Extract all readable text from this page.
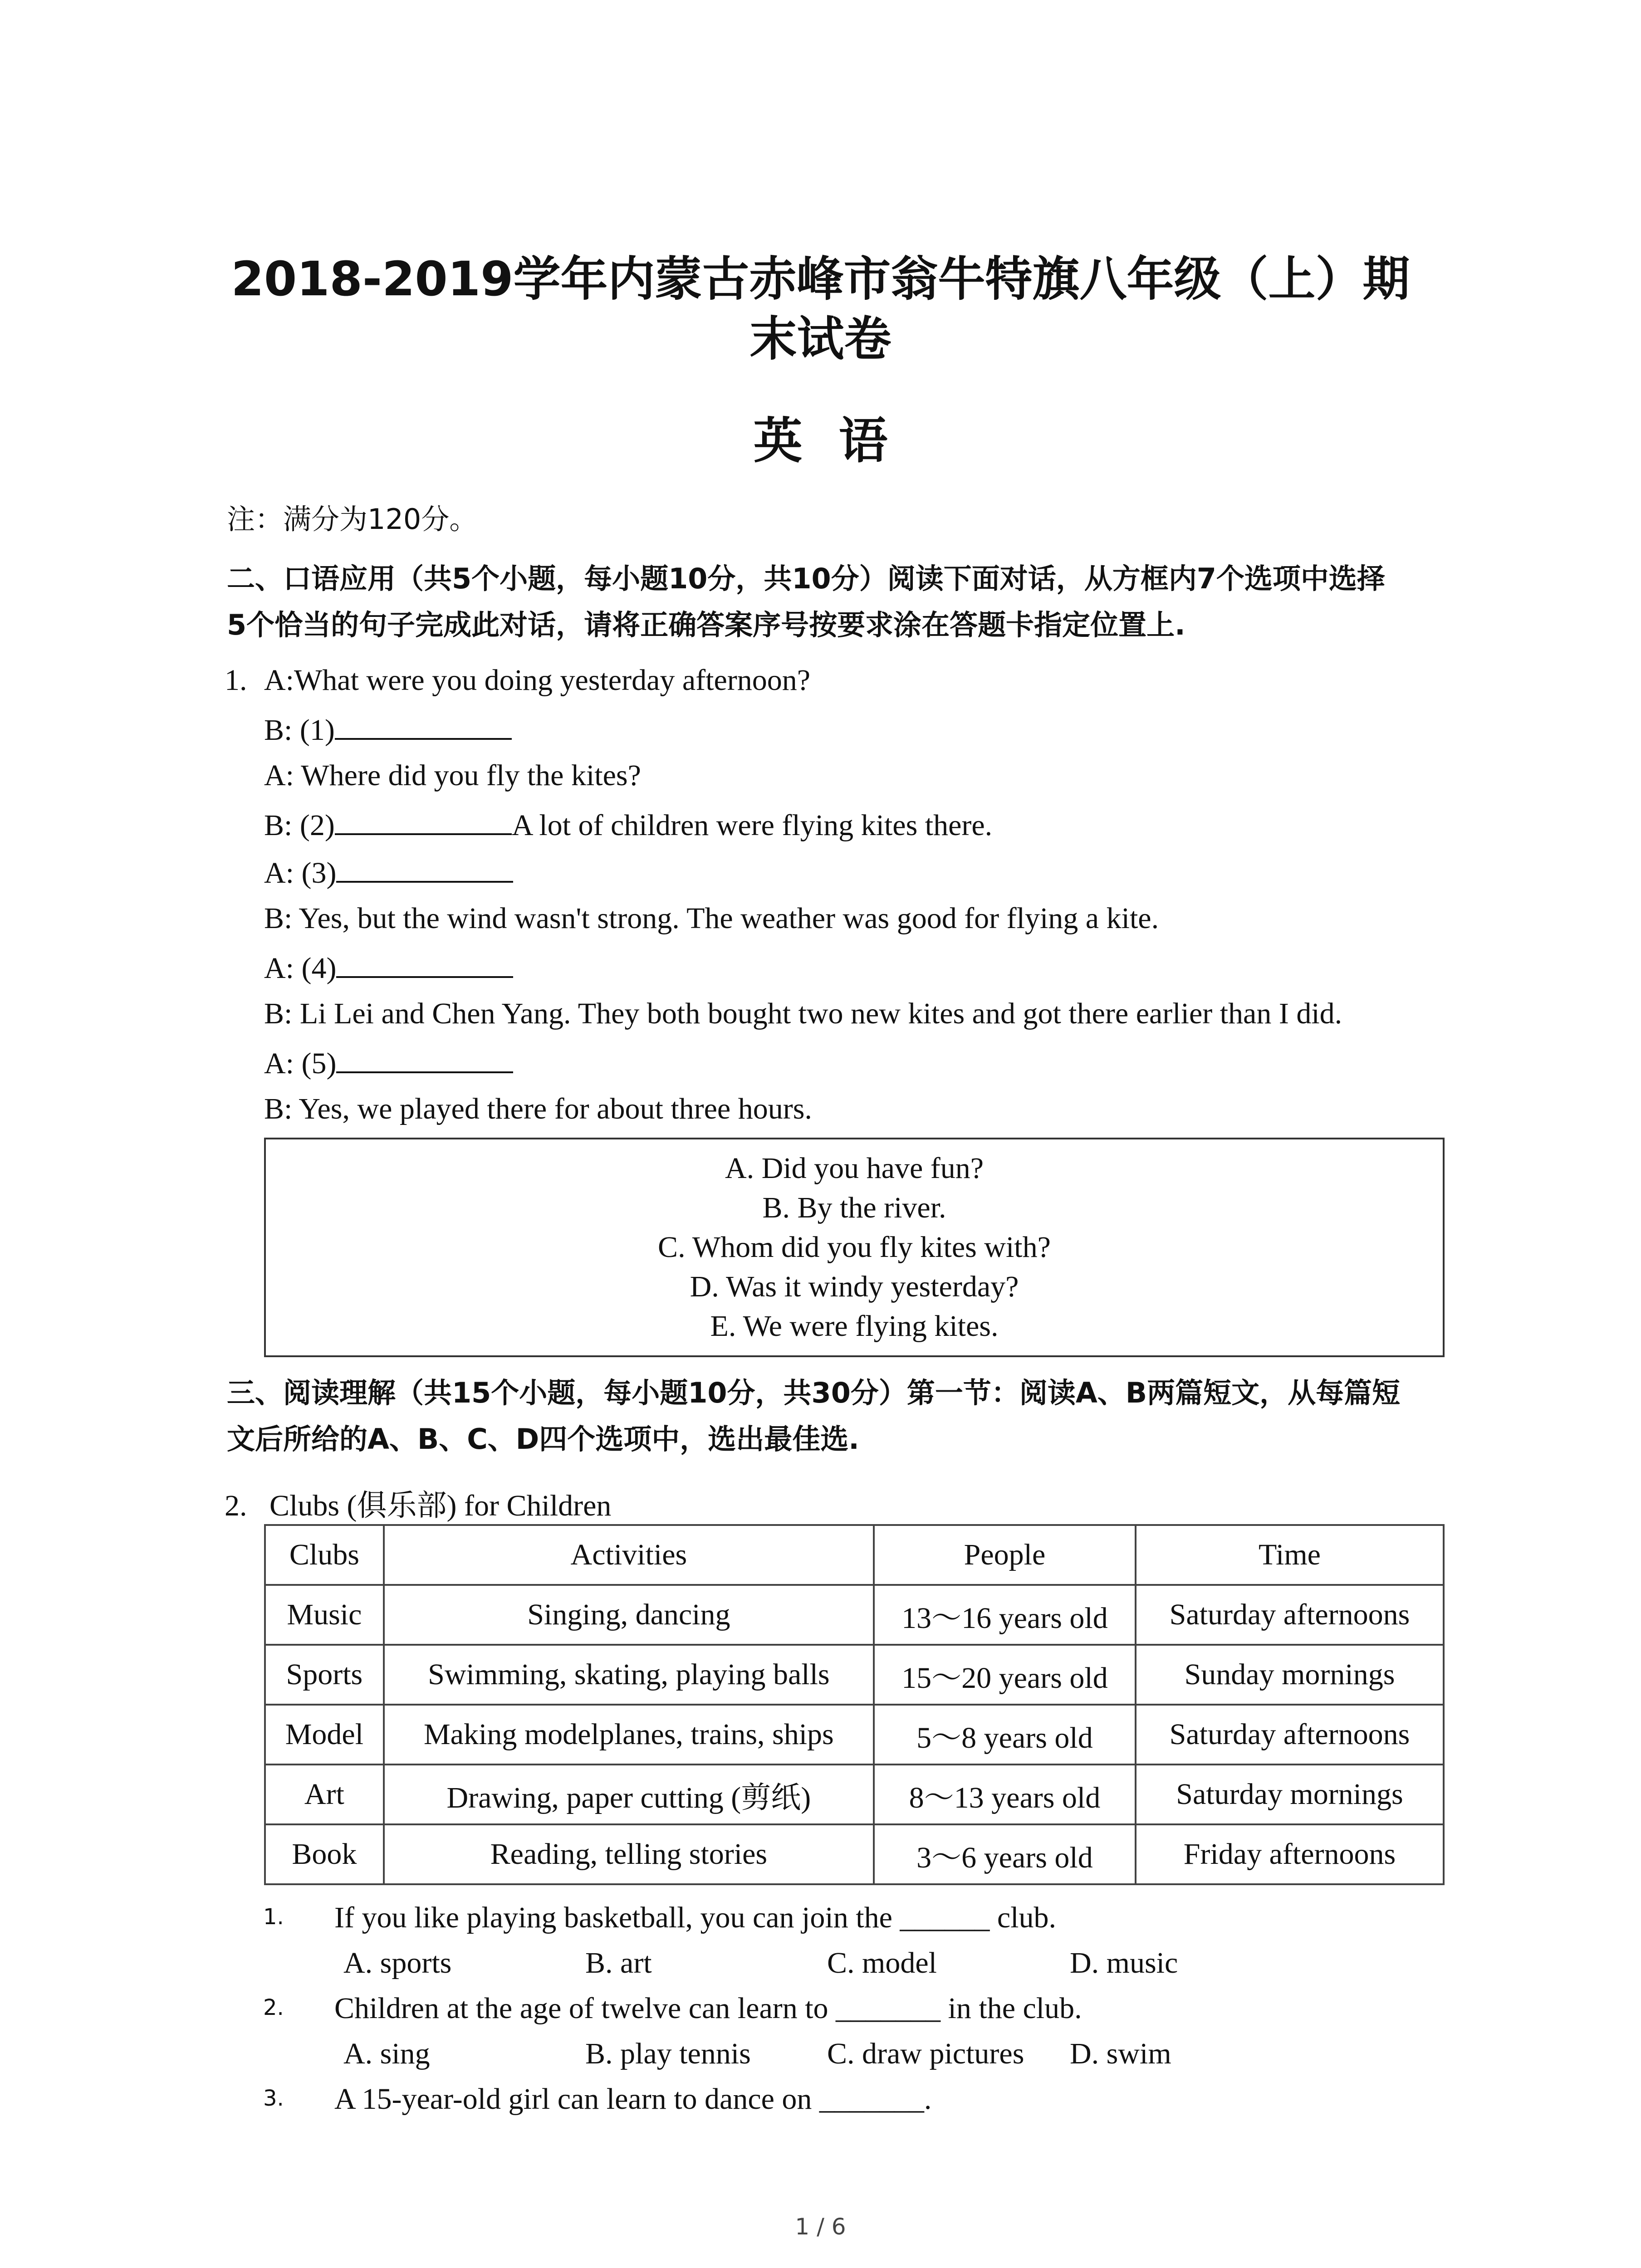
2018-2019学年内蒙古赤峰市翁牛特旗八年级（上）期
末试卷
英语
注：满分为120分。
二、口语应用（共5个小题，每小题10分，共10分）阅读下面对话，从方框内7个选项中选择
5个恰当的句子完成此对话，请将正确答案序号按要求涂在答题卡指定位置上.
1. A:What were you doing yesterday afternoon?
B: (1)
A: Where did you fly the kites?
B: (2)	A lot of children were flying kites there.
A: (3)
B: Yes, but the wind wasn't strong. The weather was good for flying a kite.
A: (4)
B: Li Lei and Chen Yang. They both bought two new kites and got there earlier than I did.
A: (5)
B: Yes, we played there for about three hours.
A. Did you have fun?
B. By the river.
C. Whom did you fly kites with?
D. Was it windy yesterday?
E. We were flying kites.
三、阅读理解（共15个小题，每小题10分，共30分）第一节：阅读A、B两篇短文，从每篇短
文后所给的A、B、C、D四个选项中，选出最佳选.
2. Clubs (俱乐部) for Children
Clubs	Activities	People	Time
Music	Singing, dancing	13～16 years old	Saturday afternoons
Sports	Swimming, skating, playing balls	15～20 years old	Sunday mornings
Model	Making modelplanes, trains, ships	5～8 years old	Saturday afternoons
Art	Drawing, paper cutting (剪纸)	8～13 years old	Saturday mornings
Book	Reading, telling stories	3～6 years old	Friday afternoons
1. If you like playing basketball, you can join the ______ club.
A. sports	B. art	C. model	D. music
2. Children at the age of twelve can learn to _______ in the club.
A. sing	B. play tennis	C. draw pictures D. swim
3. A 15-year-old girl can learn to dance on _______.
1 / 6
